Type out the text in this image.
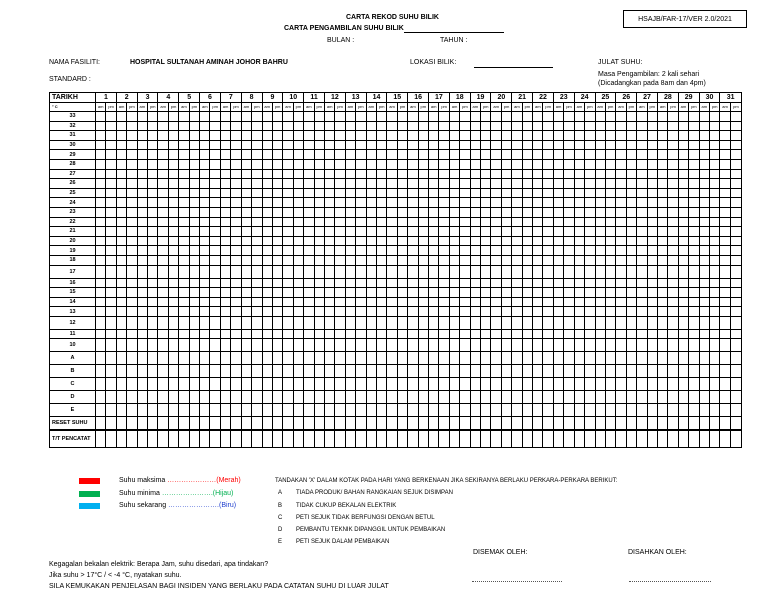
HSAJB/FAR-17/VER 2.0/2021
CARTA REKOD SUHU BILIK
CARTA PENGAMBILAN SUHU BILIK
BULAN :	TAHUN :
NAMA FASILITI:	HOSPITAL SULTANAH AMINAH JOHOR BAHRU	LOKASI BILIK:	JULAT SUHU:
STANDARD :
Masa Pengambilan: 2 kali sehari
(Dicadangkan pada 8am dan 4pm)
TARIKH	1		2		3		4		5		6		7		8		9		10		11		12		13		14		15		16		17		18		19		20		21		22		23		24		25		26		27		28		29		30		31	
° C	am	pm	am	pm	am	pm	am	pm	am	pm	am	pm	am	pm	am	pm	am	pm	am	pm	am	pm	am	pm	am	pm	am	pm	am	pm	am	pm	am	pm	am	pm	am	pm	am	pm	am	pm	am	pm	am	pm	am	pm	am	pm	am	pm	am	pm	am	pm	am	pm	am	pm	am	pm
33																																																														
32																																																														
31																																																														
30																																																														
29																																																														
28																																																														
27																																																														
26																																																														
25																																																														
24																																																														
23																																																														
22																																																														
21																																																														
20																																																														
19																																																														
18																																																														
17																																																														
16																																																														
15																																																														
14																																																														
13																																																														
12																																																														
11																																																														
10																																																														
A																																																														
B																																																														
C																																																														
D																																																														
E																																																														
RESET SUHU																																																														
T/T PENCATAT																																																														
Suhu maksima …………………(Merah)
Suhu minima ………………….(Hijau)
Suhu sekarang ………………….(Biru)
TANDAKAN 'X' DALAM KOTAK PADA HARI YANG BERKENAAN JIKA SEKIRANYA BERLAKU PERKARA-PERKARA BERIKUT:
A TIADA PRODUK/ BAHAN RANGKAIAN SEJUK DISIMPAN
B TIDAK CUKUP BEKALAN ELEKTRIK
C PETI SEJUK TIDAK BERFUNGSI DENGAN BETUL
D PEMBANTU TEKNIK DIPANGGIL UNTUK PEMBAIKAN
E PETI SEJUK DALAM PEMBAIKAN
DISEMAK OLEH:	DISAHKAN OLEH:
Kegagalan bekalan elektrik: Berapa Jam, suhu disedari, apa tindakan?
Jika suhu > 17°C / < -4 °C, nyatakan suhu.
SILA KEMUKAKAN PENJELASAN BAGI INSIDEN YANG BERLAKU PADA CATATAN SUHU DI LUAR JULAT
